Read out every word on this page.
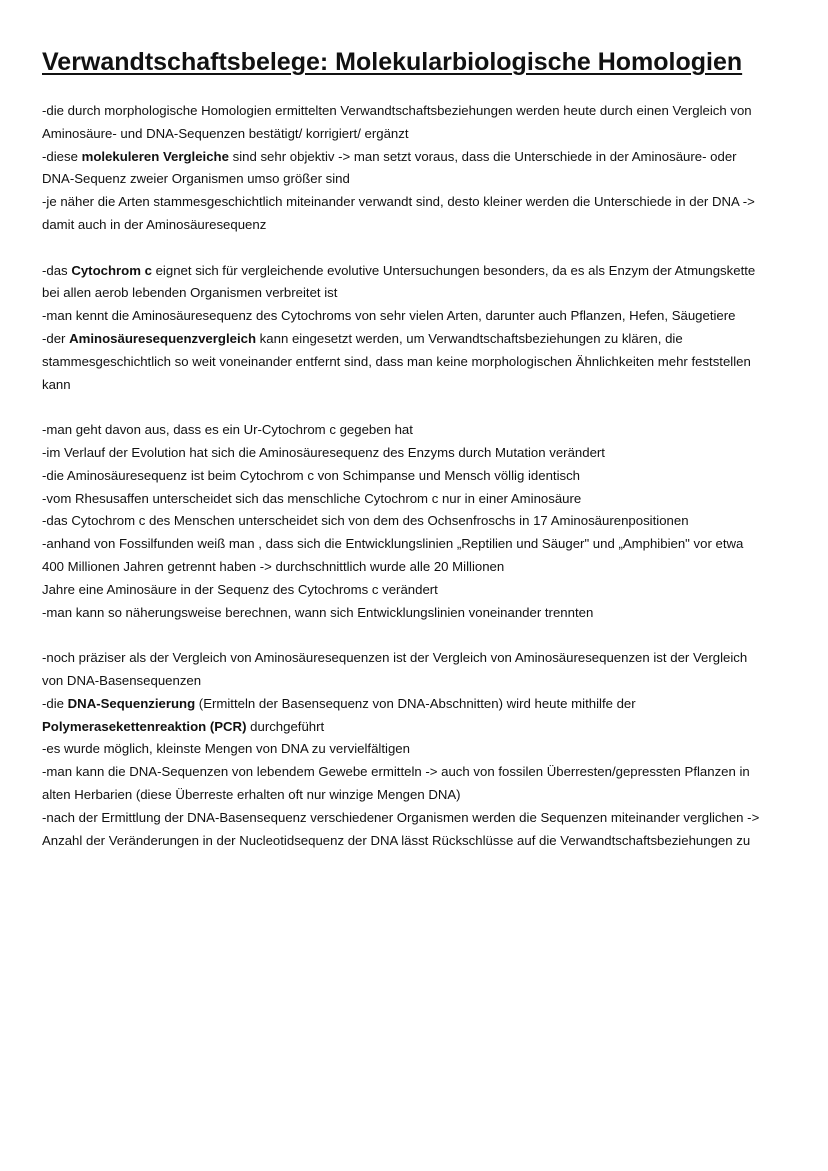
Verwandtschaftsbelege: Molekularbiologische Homologien
-die durch morphologische Homologien ermittelten Verwandtschaftsbeziehungen werden heute durch einen Vergleich von
Aminosäure- und DNA-Sequenzen bestätigt/ korrigiert/ ergänzt
-diese molekuleren Vergleiche sind sehr objektiv -> man setzt voraus, dass die Unterschiede in der Aminosäure- oder
DNA-Sequenz zweier Organismen umso größer sind
-je näher die Arten stammesgeschichtlich miteinander verwandt sind, desto kleiner werden die Unterschiede in der DNA ->
damit auch in der Aminosäuresequenz
-das Cytochrom c eignet sich für vergleichende evolutive Untersuchungen besonders, da es als Enzym der Atmungskette
bei allen aerob lebenden Organismen verbreitet ist
-man kennt die Aminosäuresequenz des Cytochroms von sehr vielen Arten, darunter auch Pflanzen, Hefen, Säugetiere
-der Aminosäuresequenzvergleich kann eingesetzt werden, um Verwandtschaftsbeziehungen zu klären, die
stammesgeschichtlich so weit voneinander entfernt sind, dass man keine morphologischen Ähnlichkeiten mehr feststellen
kann
-man geht davon aus, dass es ein Ur-Cytochrom c gegeben hat
-im Verlauf der Evolution hat sich die Aminosäuresequenz des Enzyms durch Mutation verändert
-die Aminosäuresequenz ist beim Cytochrom c von Schimpanse und Mensch völlig identisch
-vom Rhesusaffen unterscheidet sich das menschliche Cytochrom c nur in einer Aminosäure
-das Cytochrom c des Menschen unterscheidet sich von dem des Ochsenfroschs in 17 Aminosäurenpositionen
-anhand von Fossilfunden weiß man , dass sich die Entwicklungslinien „Reptilien und Säuger" und „Amphibien" vor etwa
400 Millionen Jahren getrennt haben -> durchschnittlich wurde alle 20 Millionen
Jahre eine Aminosäure in der Sequenz des Cytochroms c verändert
-man kann so näherungsweise berechnen, wann sich Entwicklungslinien voneinander trennten
-noch präziser als der Vergleich von Aminosäuresequenzen ist der Vergleich von Aminosäuresequenzen ist der Vergleich
von DNA-Basensequenzen
-die DNA-Sequenzierung (Ermitteln der Basensequenz von DNA-Abschnitten) wird heute mithilfe der
Polymerasekettenreaktion (PCR) durchgeführt
-es wurde möglich, kleinste Mengen von DNA zu vervielfältigen
-man kann die DNA-Sequenzen von lebendem Gewebe ermitteln -> auch von fossilen Überresten/gepressten Pflanzen in
alten Herbarien (diese Überreste erhalten oft nur winzige Mengen DNA)
-nach der Ermittlung der DNA-Basensequenz verschiedener Organismen werden die Sequenzen miteinander verglichen ->
Anzahl der Veränderungen in der Nucleotidsequenz der DNA lässt Rückschlüsse auf die Verwandtschaftsbeziehungen zu
